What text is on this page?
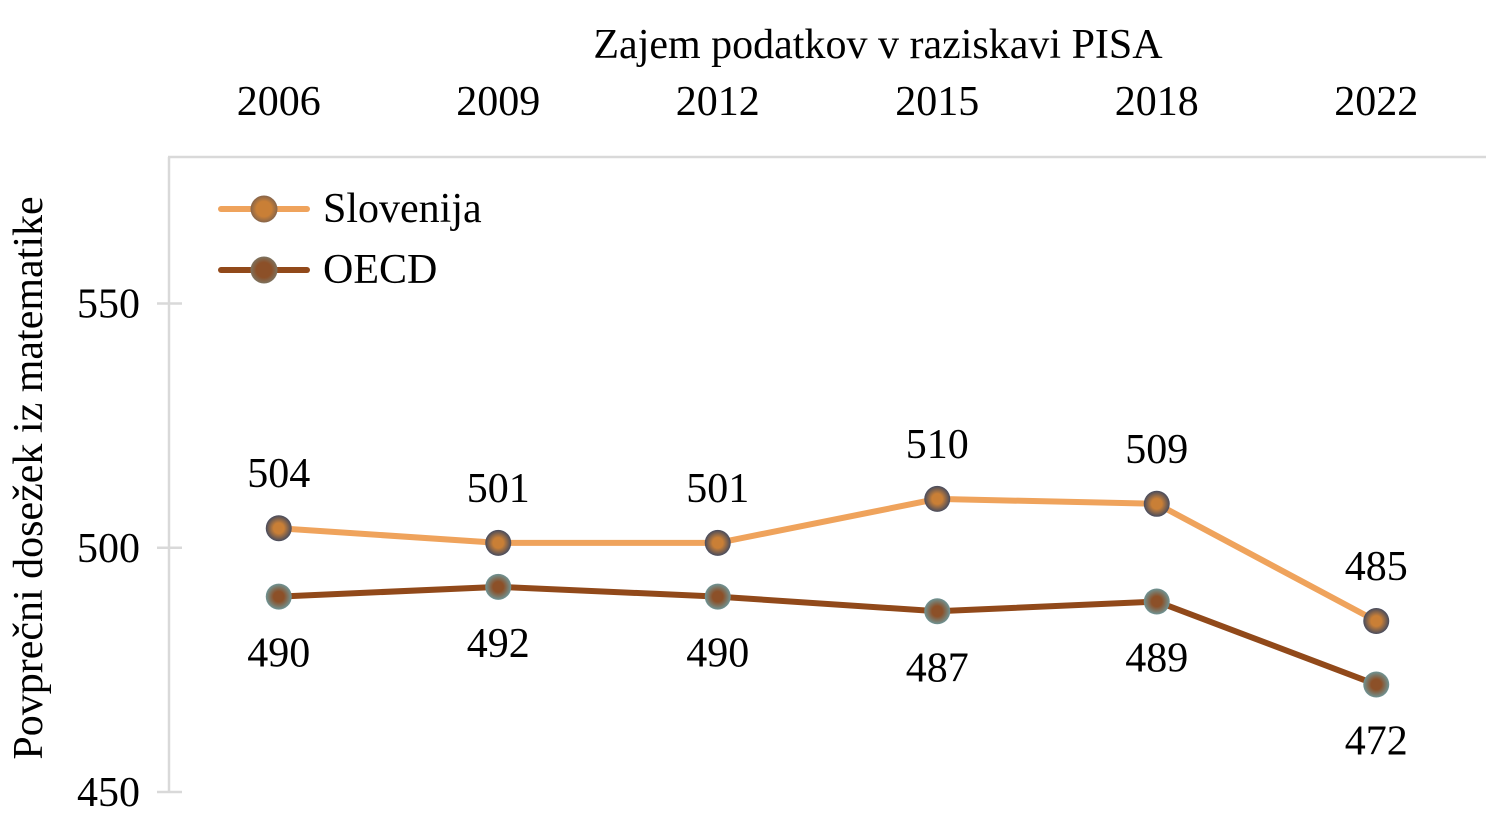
Zajem podatkov v raziskavi PISA
Povprečni dosežek iz matematike
450
500
550
2006	2009	2012	2015	2018	2022
504	501	501
510	509
485
490	492	490	487	489
472
Slovenija
OECD
